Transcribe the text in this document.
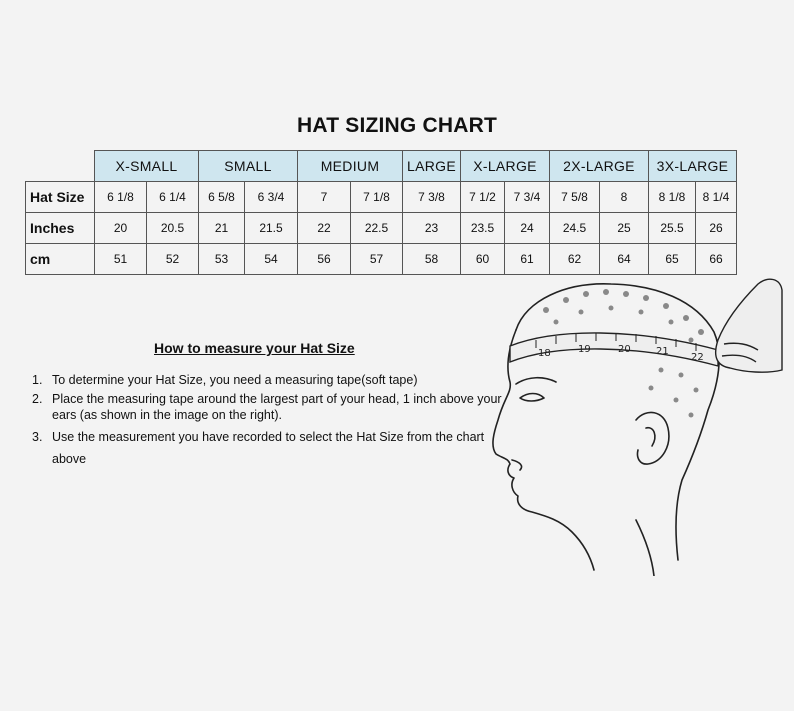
HAT SIZING CHART
	X-SMALL		SMALL		MEDIUM		LARGE	X-LARGE		2X-LARGE		3X-LARGE	
Hat Size	6 1/8	6 1/4	6 5/8	6 3/4	7	7 1/8	7 3/8	7 1/2	7 3/4	7 5/8	8	8 1/8	8 1/4
Inches	20	20.5	21	21.5	22	22.5	23	23.5	24	24.5	25	25.5	26
cm	51	52	53	54	56	57	58	60	61	62	64	65	66
How to measure your Hat Size
1. To determine your Hat Size, you need a measuring tape(soft tape)
2. Place the measuring tape around the largest part of your head, 1 inch above your ears (as shown in the image on the right).
3. Use the measurement you have recorded to select the Hat Size from the chart above
18	19	20	21
22
